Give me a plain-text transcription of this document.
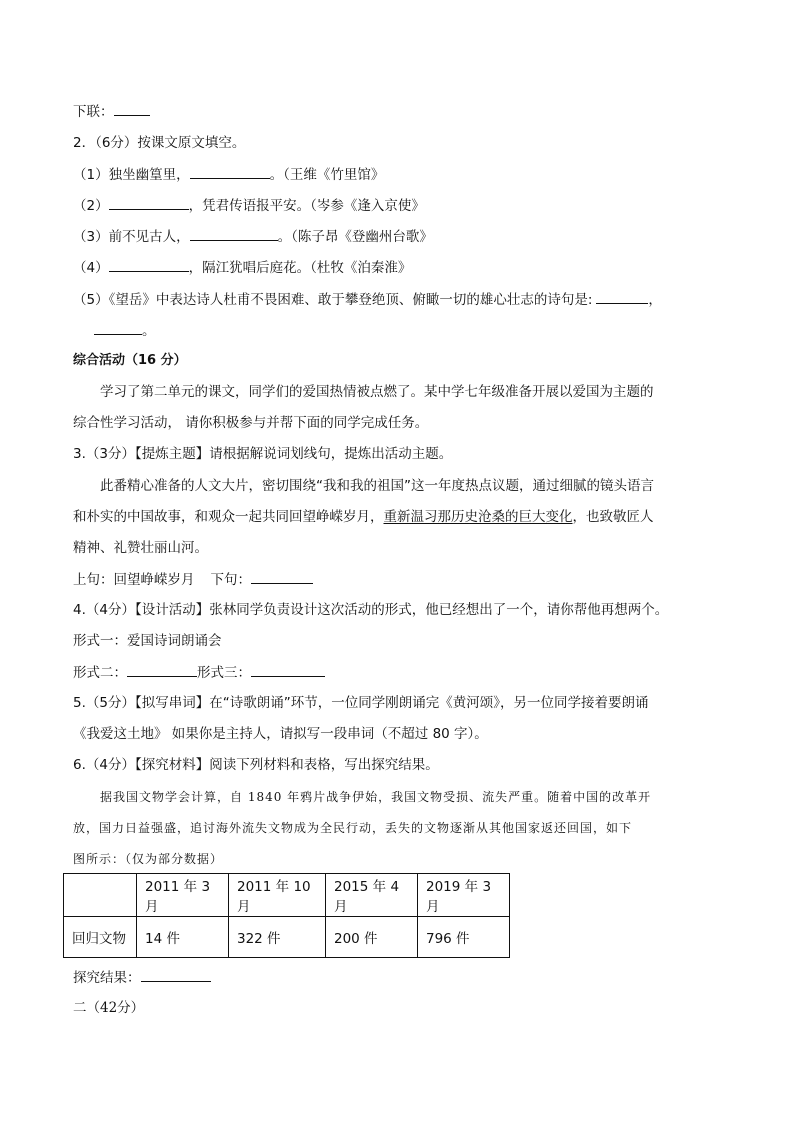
下联：
2．（6分）按课文原文填空。
（1）独坐幽篁里，	。（王维《竹里馆》
（2）	，凭君传语报平安。（岑参《逢入京使》
（3）前不见古人，	。（陈子昂《登幽州台歌》
（4）	，隔江犹唱后庭花。（杜牧《泊秦淮》
（5）《望岳》中表达诗人杜甫不畏困难、敢于攀登绝顶、俯瞰一切的雄心壮志的诗句是:	，
。
综合活动（16 分）
学习了第二单元的课文，同学们的爱国热情被点燃了。某中学七年级准备开展以爱国为主题的
综合性学习活动， 请你积极参与并帮下面的同学完成任务。
3.（3分）【提炼主题】请根据解说词划线句，提炼出活动主题。
此番精心准备的人文大片，密切围绕“我和我的祖国”这一年度热点议题，通过细腻的镜头语言
和朴实的中国故事，和观众一起共同回望峥嵘岁月，重新温习那历史沧桑的巨大变化，也致敬匠人
精神、礼赞壮丽山河。
上句：回望峥嵘岁月 下句：
4.（4分）【设计活动】张林同学负责设计这次活动的形式，他已经想出了一个，请你帮他再想两个。
形式一：爱国诗词朗诵会
形式二：	形式三：
5.（5分）【拟写串词】在“诗歌朗诵”环节，一位同学刚朗诵完《黄河颂》，另一位同学接着要朗诵
《我爱这土地》 如果你是主持人，请拟写一段串词（不超过 80 字）。
6.（4分）【探究材料】阅读下列材料和表格，写出探究结果。
据我国文物学会计算，自 1840 年鸦片战争伊始，我国文物受损、流失严重。随着中国的改革开
放，国力日益强盛，追讨海外流失文物成为全民行动，丢失的文物逐渐从其他国家返还回国，如下
图所示：（仅为部分数据）
	2011 年 3 月	2011 年 10 月	2015 年 4 月	2019 年 3 月
回归文物	14 件	322 件	200 件	796 件
探究结果：
二（42分）
